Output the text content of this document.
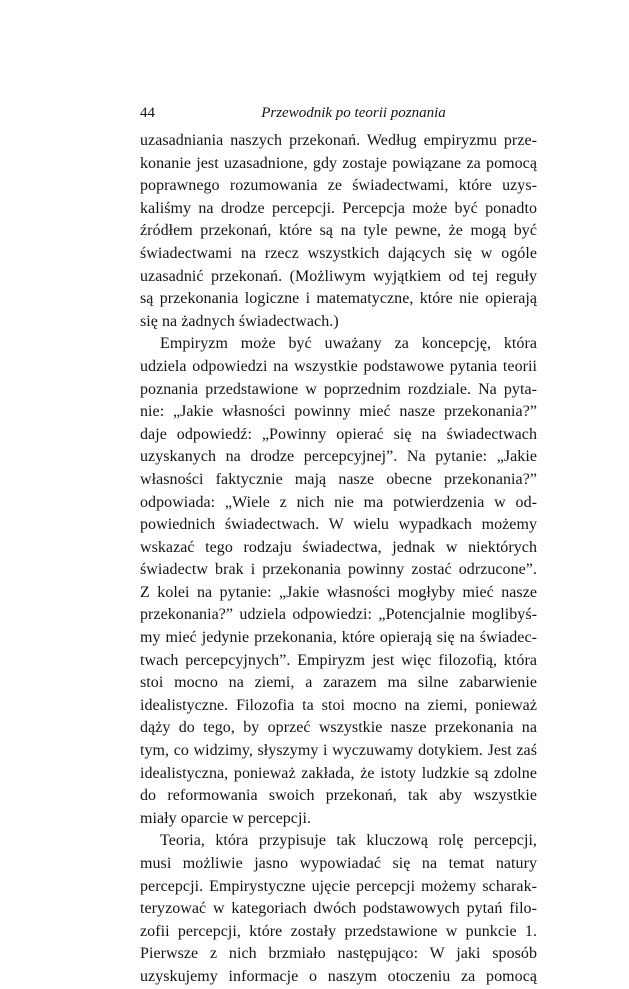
44	Przewodnik po teorii poznania
uzasadniania naszych przekonań. Według empiryzmu prze-
konanie jest uzasadnione, gdy zostaje powiązane za pomocą
poprawnego rozumowania ze świadectwami, które uzys-
kaliśmy na drodze percepcji. Percepcja może być ponadto
źródłem przekonań, które są na tyle pewne, że mogą być
świadectwami na rzecz wszystkich dających się w ogóle
uzasadnić przekonań. (Możliwym wyjątkiem od tej reguły
są przekonania logiczne i matematyczne, które nie opierają
się na żadnych świadectwach.)
Empiryzm może być uważany za koncepcję, która
udziela odpowiedzi na wszystkie podstawowe pytania teorii
poznania przedstawione w poprzednim rozdziale. Na pyta-
nie: „Jakie własności powinny mieć nasze przekonania?”
daje odpowiedź: „Powinny opierać się na świadectwach
uzyskanych na drodze percepcyjnej”. Na pytanie: „Jakie
własności faktycznie mają nasze obecne przekonania?”
odpowiada: „Wiele z nich nie ma potwierdzenia w od-
powiednich świadectwach. W wielu wypadkach możemy
wskazać tego rodzaju świadectwa, jednak w niektórych
świadectw brak i przekonania powinny zostać odrzucone”.
Z kolei na pytanie: „Jakie własności mogłyby mieć nasze
przekonania?” udziela odpowiedzi: „Potencjalnie moglibyś-
my mieć jedynie przekonania, które opierają się na świadec-
twach percepcyjnych”. Empiryzm jest więc filozofią, która
stoi mocno na ziemi, a zarazem ma silne zabarwienie
idealistyczne. Filozofia ta stoi mocno na ziemi, ponieważ
dąży do tego, by oprzeć wszystkie nasze przekonania na
tym, co widzimy, słyszymy i wyczuwamy dotykiem. Jest zaś
idealistyczna, ponieważ zakłada, że istoty ludzkie są zdolne
do reformowania swoich przekonań, tak aby wszystkie
miały oparcie w percepcji.
Teoria, która przypisuje tak kluczową rolę percepcji,
musi możliwie jasno wypowiadać się na temat natury
percepcji. Empirystyczne ujęcie percepcji możemy scharak-
teryzować w kategoriach dwóch podstawowych pytań filo-
zofii percepcji, które zostały przedstawione w punkcie 1.
Pierwsze z nich brzmiało następująco: W jaki sposób
uzyskujemy informacje o naszym otoczeniu za pomocą
